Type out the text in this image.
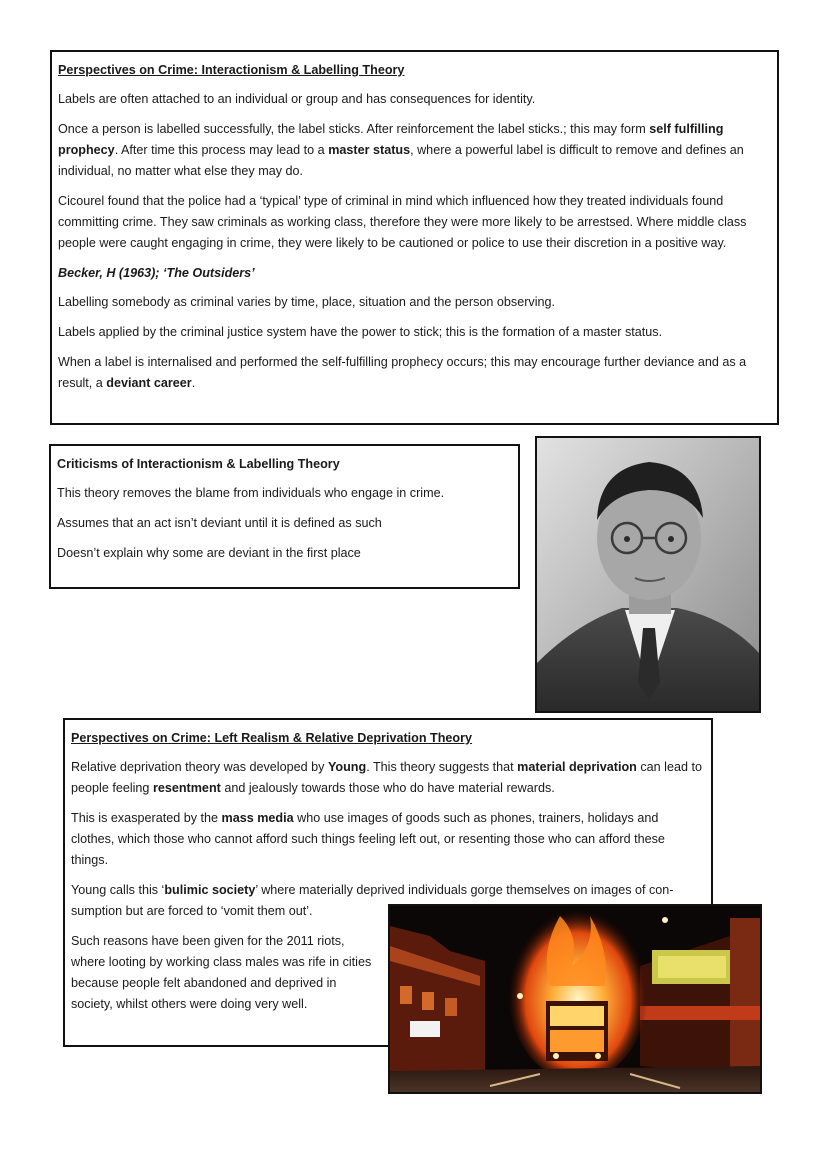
Perspectives on Crime: Interactionism & Labelling Theory

Labels are often attached to an individual or group and has consequences for identity.

Once a person is labelled successfully, the label sticks. After reinforcement the label sticks.; this may form self fulfilling prophecy. After time this process may lead to a master status, where a powerful label is difficult to remove and defines an individual, no matter what else they may do.

Cicourel found that the police had a ‘typical’ type of criminal in mind which influenced how they treated individuals found committing crime. They saw criminals as working class, therefore they were more likely to be arrestsed. Where middle class people were caught engaging in crime, they were likely to be cautioned or police to use their discretion in a positive way.

Becker, H (1963); ‘The Outsiders’

Labelling somebody as criminal varies by time, place, situation and the person observing.

Labels applied by the criminal justice system have the power to stick; this is the formation of a master status.

When a label is internalised and performed the self-fulfilling prophecy occurs; this may encourage further deviance and as a result, a deviant career.

Criticisms of Interactionism & Labelling Theory

This theory removes the blame from individuals who engage in crime.

Assumes that an act isn’t deviant until it is defined as such

Doesn’t explain why some are deviant in the first place

Perspectives on Crime: Left Realism & Relative Deprivation Theory

Relative deprivation theory was developed by Young. This theory suggests that material deprivation can lead to people feeling resentment and jealously towards those who do have material rewards.

This is exasperated by the mass media who use images of goods such as phones, trainers, holidays and clothes, which those who cannot afford such things feeling left out, or resenting those who can afford these things.

Young calls this ‘bulimic society’ where materially deprived individuals gorge themselves on images of con-sumption but are forced to ‘vomit them out’.

Such reasons have been given for the 2011 riots, where looting by working class males was rife in cities because people felt abandoned and deprived in society, whilst others were doing very well.
